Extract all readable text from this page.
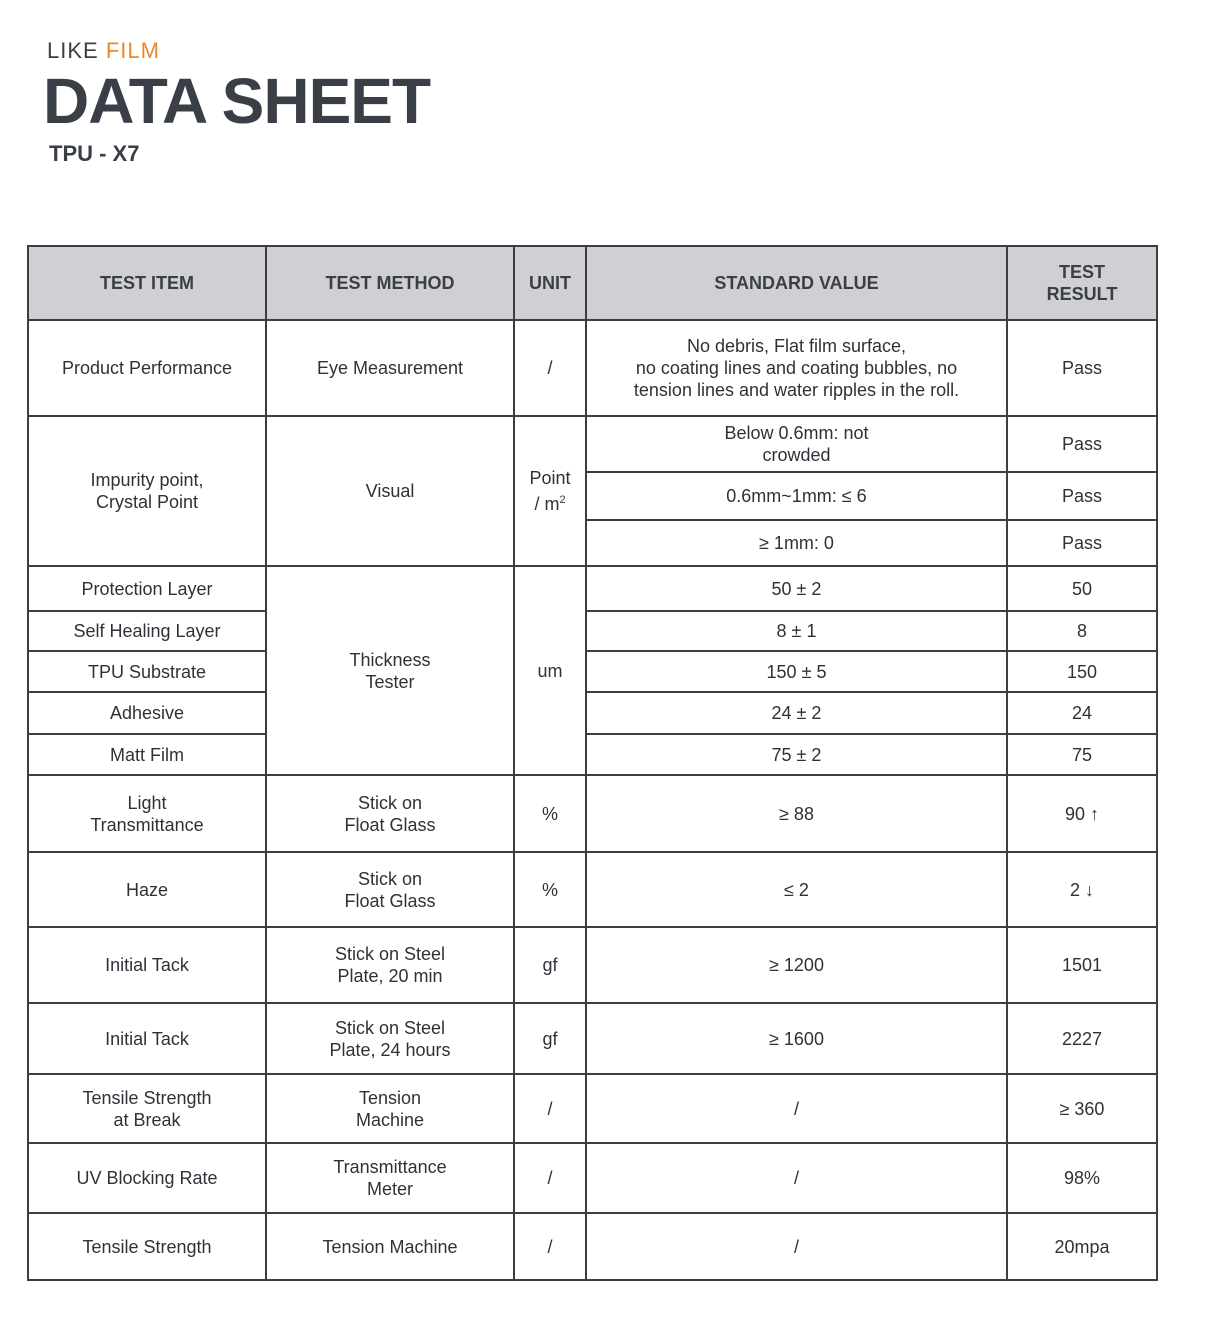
LIKE FILM
DATA SHEET
TPU - X7
TEST ITEM	TEST METHOD	UNIT	STANDARD VALUE	TEST
RESULT
Product Performance	Eye Measurement	/	No debris, Flat film surface,
no coating lines and coating bubbles, no
tension lines and water ripples in the roll.	Pass
Impurity point,
Crystal Point	Visual	Point
/ $m^2$	Below 0.6mm: not
crowded	Pass
			0.6mm~1mm: ≤ 6	Pass
			≥ 1mm: 0	Pass
Protection Layer	Thickness
Tester	um	50 ± 2	50
Self Healing Layer			8 ± 1	8
TPU Substrate			150 ± 5	150
Adhesive			24 ± 2	24
Matt Film			75 ± 2	75
Light
Transmittance	Stick on
Float Glass	%	≥ 88	90 ↑
Haze	Stick on
Float Glass	%	≤ 2	2 ↓
Initial Tack	Stick on Steel
Plate, 20 min	gf	≥ 1200	1501
Initial Tack	Stick on Steel
Plate, 24 hours	gf	≥ 1600	2227
Tensile Strength
at Break	Tension
Machine	/	/	≥ 360
UV Blocking Rate	Transmittance
Meter	/	/	98%
Tensile Strength	Tension Machine	/	/	20mpa
